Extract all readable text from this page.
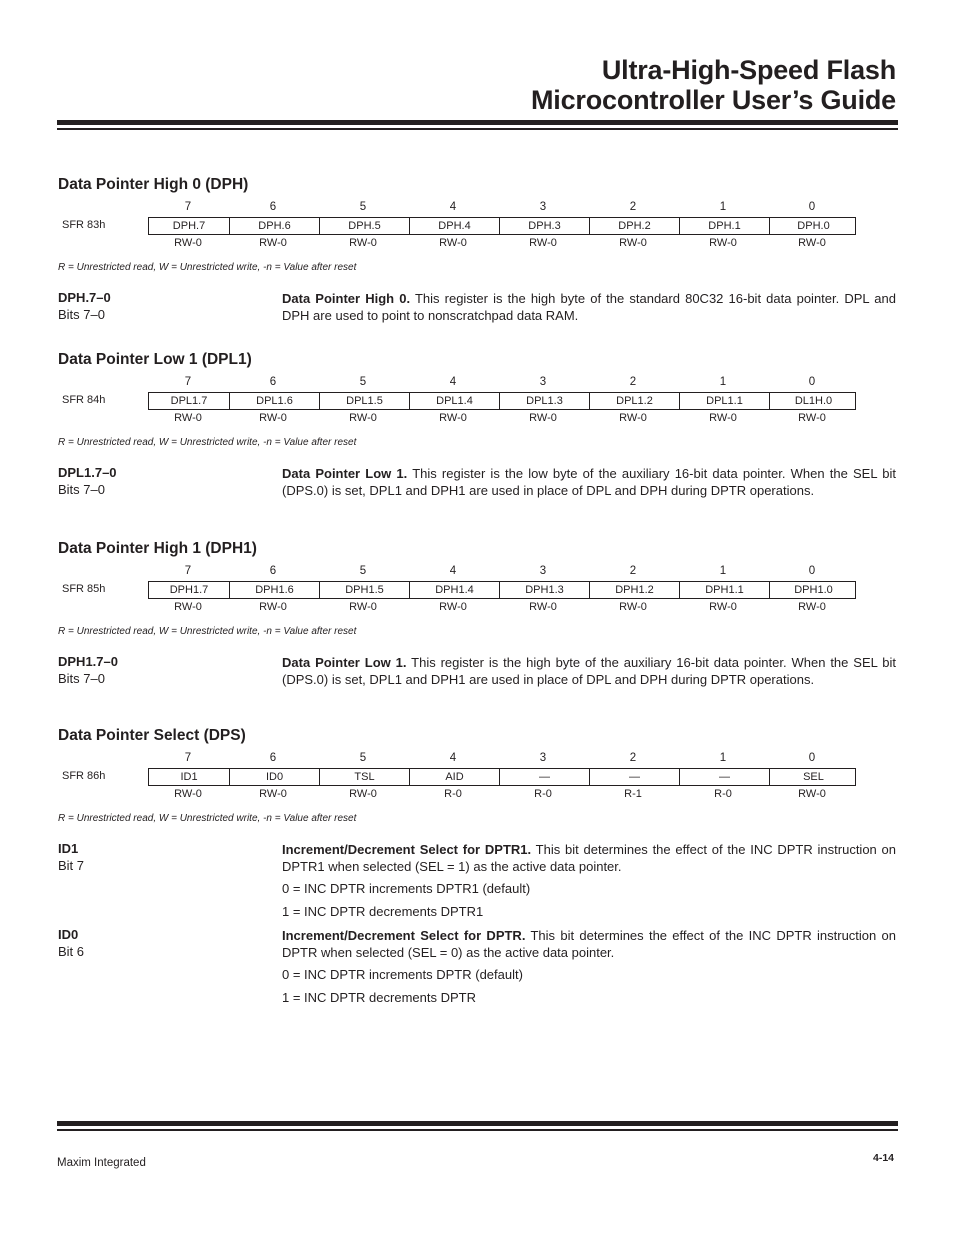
Ultra-High-Speed Flash
Microcontroller User’s Guide
Data Pointer High 0 (DPH)
7	6	5	4	3	2	1	0
SFR 83h	DPH.7	DPH.6	DPH.5	DPH.4	DPH.3	DPH.2	DPH.1	DPH.0
RW-0	RW-0	RW-0	RW-0	RW-0	RW-0	RW-0	RW-0
R = Unrestricted read, W = Unrestricted write, -n = Value after reset
DPH.7–0
Bits 7–0
Data Pointer High 0. This register is the high byte of the standard 80C32 16-bit data pointer. DPL and DPH are used to point to nonscratchpad data RAM.
Data Pointer Low 1 (DPL1)
7	6	5	4	3	2	1	0
SFR 84h	DPL1.7	DPL1.6	DPL1.5	DPL1.4	DPL1.3	DPL1.2	DPL1.1	DL1H.0
RW-0	RW-0	RW-0	RW-0	RW-0	RW-0	RW-0	RW-0
R = Unrestricted read, W = Unrestricted write, -n = Value after reset
DPL1.7–0
Bits 7–0
Data Pointer Low 1. This register is the low byte of the auxiliary 16-bit data pointer. When the SEL bit (DPS.0) is set, DPL1 and DPH1 are used in place of DPL and DPH during DPTR operations.
Data Pointer High 1 (DPH1)
7	6	5	4	3	2	1	0
SFR 85h	DPH1.7	DPH1.6	DPH1.5	DPH1.4	DPH1.3	DPH1.2	DPH1.1	DPH1.0
RW-0	RW-0	RW-0	RW-0	RW-0	RW-0	RW-0	RW-0
R = Unrestricted read, W = Unrestricted write, -n = Value after reset
DPH1.7–0
Bits 7–0
Data Pointer Low 1. This register is the high byte of the auxiliary 16-bit data pointer. When the SEL bit (DPS.0) is set, DPL1 and DPH1 are used in place of DPL and DPH during DPTR operations.
Data Pointer Select (DPS)
7	6	5	4	3	2	1	0
SFR 86h	ID1	ID0	TSL	AID	—	—	—	SEL
RW-0	RW-0	RW-0	R-0	R-0	R-1	R-0	RW-0
R = Unrestricted read, W = Unrestricted write, -n = Value after reset
ID1
Bit 7
Increment/Decrement Select for DPTR1. This bit determines the effect of the INC DPTR instruction on DPTR1 when selected (SEL = 1) as the active data pointer.
0 = INC DPTR increments DPTR1 (default)
1 = INC DPTR decrements DPTR1
ID0
Bit 6
Increment/Decrement Select for DPTR. This bit determines the effect of the INC DPTR instruction on DPTR when selected (SEL = 0) as the active data pointer.
0 = INC DPTR increments DPTR (default)
1 = INC DPTR decrements DPTR
Maxim Integrated	4-14
